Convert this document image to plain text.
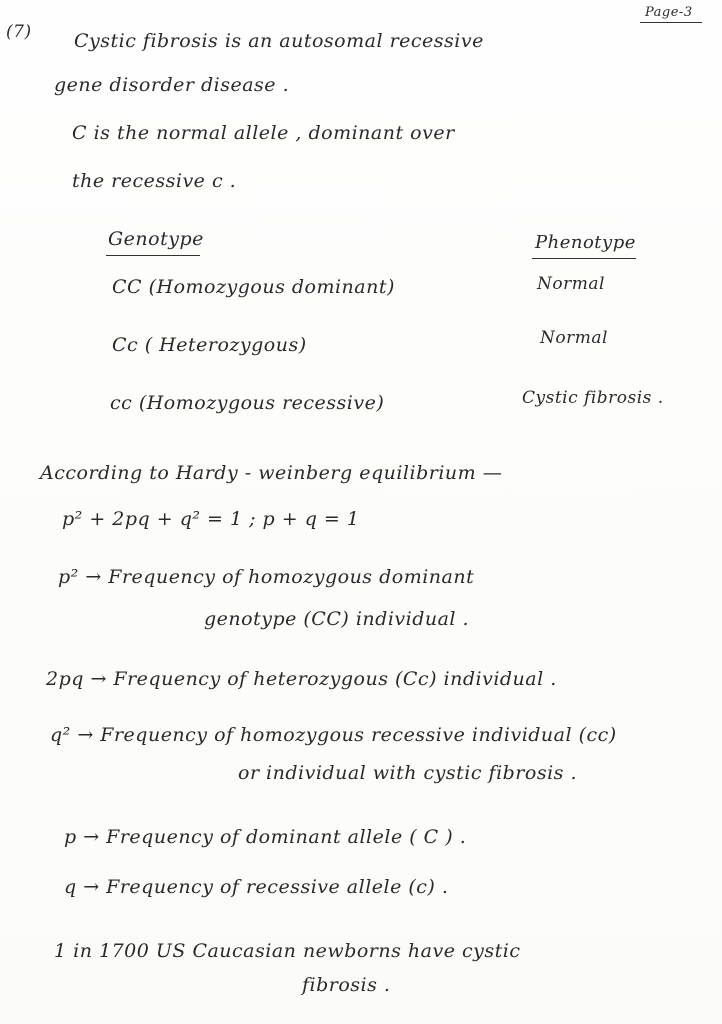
Page-3
(7) Cystic fibrosis is an autosomal recessive
gene disorder disease .
C is the normal allele , dominant over
the recessive c .
Genotype	Phenotype
CC (Homozygous dominant)	Normal
Cc ( Heterozygous)	Normal
cc (Homozygous recessive)	Cystic fibrosis .
According to Hardy - weinberg equilibrium —
p² + 2pq + q² = 1 ; p + q = 1
p² → Frequency of homozygous dominant
genotype (CC) individual .
2pq → Frequency of heterozygous (Cc) individual .
q² → Frequency of homozygous recessive individual (cc)
or individual with cystic fibrosis .
p → Frequency of dominant allele ( C ) .
q → Frequency of recessive allele (c) .
1 in 1700 US Caucasian newborns have cystic
fibrosis .
